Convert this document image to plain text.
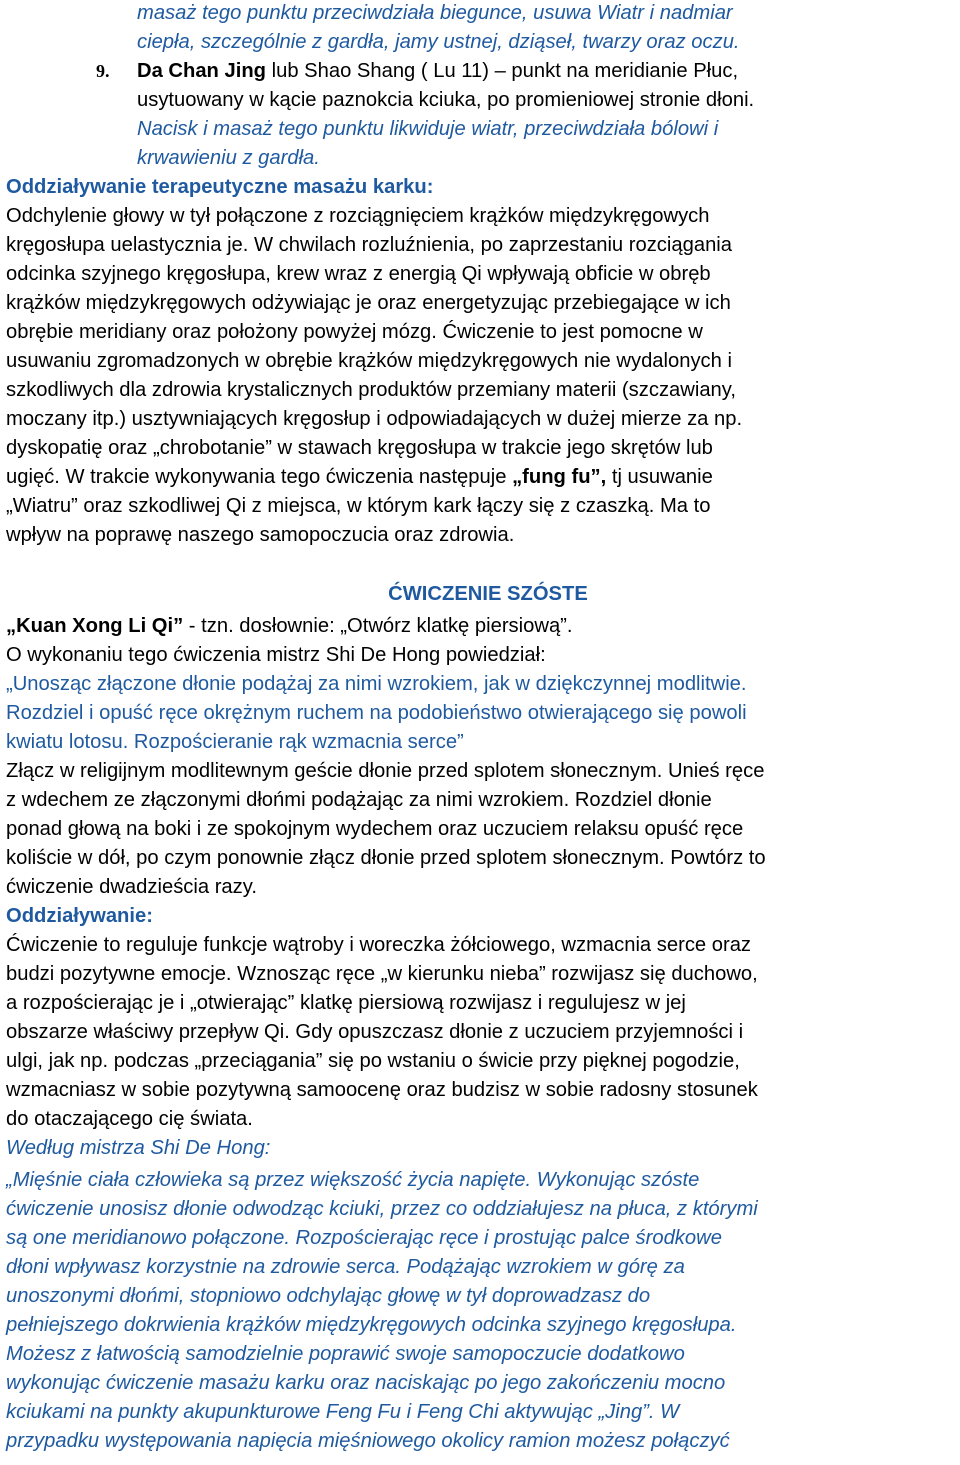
masaż tego punktu przeciwdziała biegunce, usuwa Wiatr i nadmiar
ciepła, szczególnie z gardła, jamy ustnej, dziąseł, twarzy oraz oczu.
9. Da Chan Jing lub Shao Shang ( Lu 11) – punkt na meridianie Płuc,
usytuowany w kącie paznokcia kciuka, po promieniowej stronie dłoni.
Nacisk i masaż tego punktu likwiduje wiatr, przeciwdziała bólowi i
krwawieniu z gardła.
Oddziaływanie terapeutyczne masażu karku:
Odchylenie głowy w tył połączone z rozciągnięciem krążków międzykręgowych
kręgosłupa uelastycznia je. W chwilach rozluźnienia, po zaprzestaniu rozciągania
odcinka szyjnego kręgosłupa, krew wraz z energią Qi wpływają obficie w obręb
krążków międzykręgowych odżywiając je oraz energetyzując przebiegające w ich
obrębie meridiany oraz położony powyżej mózg. Ćwiczenie to jest pomocne w
usuwaniu zgromadzonych w obrębie krążków międzykręgowych nie wydalonych i
szkodliwych dla zdrowia krystalicznych produktów przemiany materii (szczawiany,
moczany itp.) usztywniających kręgosłup i odpowiadających w dużej mierze za np.
dyskopatię oraz „chrobotanie” w stawach kręgosłupa w trakcie jego skrętów lub
ugięć. W trakcie wykonywania tego ćwiczenia następuje „fung fu”, tj usuwanie
„Wiatru” oraz szkodliwej Qi z miejsca, w którym kark łączy się z czaszką. Ma to
wpływ na poprawę naszego samopoczucia oraz zdrowia.
ĆWICZENIE SZÓSTE
„Kuan Xong Li Qi” - tzn. dosłownie: „Otwórz klatkę piersiową”.
O wykonaniu tego ćwiczenia mistrz Shi De Hong powiedział:
„Unosząc złączone dłonie podążaj za nimi wzrokiem, jak w dziękczynnej modlitwie.
Rozdziel i opuść ręce okrężnym ruchem na podobieństwo otwierającego się powoli
kwiatu lotosu. Rozpościeranie rąk wzmacnia serce”
Złącz w religijnym modlitewnym geście dłonie przed splotem słonecznym. Unieś ręce
z wdechem ze złączonymi dłońmi podążając za nimi wzrokiem. Rozdziel dłonie
ponad głową na boki i ze spokojnym wydechem oraz uczuciem relaksu opuść ręce
koliście w dół, po czym ponownie złącz dłonie przed splotem słonecznym. Powtórz to
ćwiczenie dwadzieścia razy.
Oddziaływanie:
Ćwiczenie to reguluje funkcje wątroby i woreczka żółciowego, wzmacnia serce oraz
budzi pozytywne emocje. Wznosząc ręce „w kierunku nieba” rozwijasz się duchowo,
a rozpościerając je i „otwierając” klatkę piersiową rozwijasz i regulujesz w jej
obszarze właściwy przepływ Qi. Gdy opuszczasz dłonie z uczuciem przyjemności i
ulgi, jak np. podczas „przeciągania” się po wstaniu o świcie przy pięknej pogodzie,
wzmacniasz w sobie pozytywną samoocenę oraz budzisz w sobie radosny stosunek
do otaczającego cię świata.
Według mistrza Shi De Hong:
„Mięśnie ciała człowieka są przez większość życia napięte. Wykonując szóste
ćwiczenie unosisz dłonie odwodząc kciuki, przez co oddziałujesz na płuca, z którymi
są one meridianowo połączone. Rozpościerając ręce i prostując palce środkowe
dłoni wpływasz korzystnie na zdrowie serca. Podążając wzrokiem w górę za
unoszonymi dłońmi, stopniowo odchylając głowę w tył doprowadzasz do
pełniejszego dokrwienia krążków międzykręgowych odcinka szyjnego kręgosłupa.
Możesz z łatwością samodzielnie poprawić swoje samopoczucie dodatkowo
wykonując ćwiczenie masażu karku oraz naciskając po jego zakończeniu mocno
kciukami na punkty akupunkturowe Feng Fu i Feng Chi aktywując „Jing”. W
przypadku występowania napięcia mięśniowego okolicy ramion możesz połączyć
